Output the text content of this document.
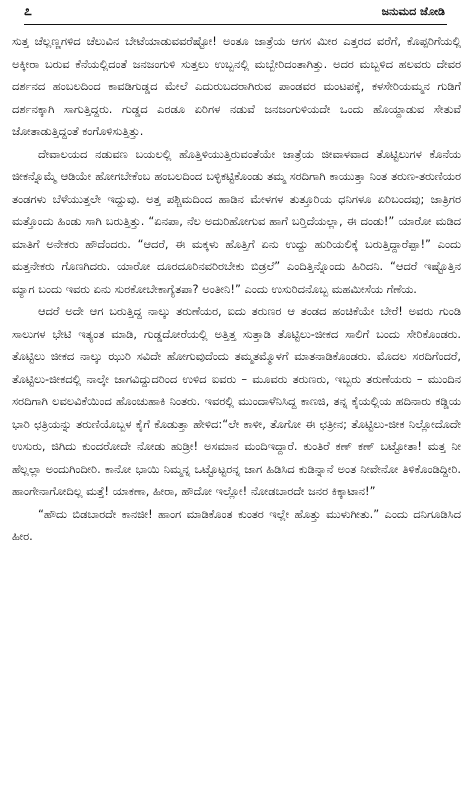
೭	ಜನುಮದ ಜೋಡಿ

ಸುತ್ತ ಚೆಲ್ಲಣ್ಣಗಳಿದ ಚೆಲುವಿನ ಬೇಟೆಯಾಡುವವರೆಷ್ಟೋ! ಅಂತೂ ಜಾತ್ರೆಯ ಆಗಸ ಮೀರ ಎತ್ತರದ ವರೆಗೆ, ಕೊಪ್ಪರಿಗೆಯಲ್ಲಿ ಅಕ್ಕೀರಾ ಬರುವ ಕೆನೆಯಲ್ಲಿದಂತೆ ಜನಜಂಗುಳಿ ಸುತ್ತಲು ಉಬ್ಬನಲ್ಲಿ ಮಬ್ಬೇರಿದಂತಾಗಿತ್ತು. ಅದರ ಮಬ್ಬಳಿದ ಹಲವರು ದೇವರ ದರ್ಶನದ ಹಂಬಲದಿಂದ ಕಾವಡಿಗುಡ್ಡದ ಮೇಲೆ ಎದುರುಬದರಾಗಿರುವ ಪಾಂಡವರ ಮಂಟಪಕ್ಕೆ, ಕಳಸೇರಿಯಮ್ಮನ ಗುಡಿಗೆ ದರ್ಶನಕ್ಕಾಗಿ ಸಾಗುತ್ತಿದ್ದರು. ಗುಡ್ಡದ ಎರಡೂ ಏರಿಗಳ ನಡುವೆ ಜನಜಂಗುಳಿಯದೇ ಒಂದು ಹೊಯ್ದಾಡುವ ಸೇತುವೆ ಜೋತಾಡುತ್ತಿದ್ದಂತೆ ಕಂಗೊಳಿಸುತ್ತಿತ್ತು.

ದೇವಾಲಯದ ನಡುವಣ ಬಯಲಲ್ಲಿ ಹೊತ್ತಿಳಿಯುತ್ತಿರುವಂತೆಯೇ ಜಾತ್ರೆಯ ಜೀವಾಳವಾದ ತೊಟ್ಟಿಲುಗಳ ಕೊನೆಯ ಜೀಕನ್ನೊಮ್ಮೆ ಆಡಿಯೇ ಹೋಗಬೇಕೆಂಬ ಹಂಬಲದಿಂದ ಬಳ್ಳಿಕಟ್ಟಿಕೊಂಡು ತಮ್ಮ ಸರದಿಗಾಗಿ ಕಾಯುತ್ತಾ ನಿಂತ ತರುಣ-ತರುಣಿಯರ ತಂಡಗಳು ಬೆಳೆಯುತ್ತಲೇ ಇದ್ದುವು. ಅತ್ತ ಪಶ್ಚಿಮದಿಂದ ಹಾಡಿನ ಮೇಳಗಳ ತುತ್ತೂರಿಯ ಧನಿಗಳೂ ಏರಿಬಂದವು; ಜಾತ್ರಿಗರ ಮತ್ತೊಂದು ಹಿಂಡು ಸಾಗಿ ಬರುತ್ತಿತ್ತು. “ಏನಪಾ, ನೆಲ ಅದುರಿಹೋಗುವ ಹಾಗೆ ಬರ್‍ತಿದೆಯಲ್ಲಾ, ಈ ದಂಡು!” ಯಾರೋ ಮಡಿದ ಮಾತಿಗೆ ಅನೇಕರು ಹೌದೆಂದರು. “ಆದರೆ, ಈ ಮಕ್ಕಳು ಹೊತ್ತಿಗೆ ಏನು ಉದ್ದು ಹುರಿಯಲಿಕ್ಕೆ ಬರುತ್ತಿದ್ದಾರೆಪ್ಪಾ!” ಎಂದು ಮತ್ತನೇಕರು ಗೊಣಗಿದರು. ಯಾರೋ ದೂರದೂರಿನವರಿರಬೇಕು ಬಿಡ್ರಲೆ” ಎಂದಿತ್ತಿನ್ನೊಂದು ಹಿರಿದನಿ. “ಆದರೆ ಇಷ್ಟೊತ್ತಿನ ಮ್ಯಾಗ ಬಂದು ಇವರು ಏನು ಸುರಕೋಬೇಕಾಗ್ಯೆತಪಾ? ಅಂತೀನಿ!” ಎಂದು ಉಸುರಿದನೊಬ್ಬ ಮಹಮೀಸೆಯ ಗೆಣೆಯ.

ಆದರೆ ಅದೇ ಆಗ ಬರುತ್ತಿದ್ದ ನಾಲ್ಕು ತರುಣೆಯರ, ಐದು ತರುಣರ ಆ ತಂಡದ ಹಂಚಿಕೆಯೇ ಬೇರೆ! ಅವರು ಗುಂಡಿ ಸಾಲುಗಳ ಭೇಟಿ ಇತ್ಯಂತ ಮಾಡಿ, ಗುಡ್ಡದೋರೆಯಲ್ಲಿ ಅತ್ತಿತ್ತ ಸುತ್ತಾಡಿ ತೊಟ್ಟಿಲು-ಜೀಕದ ಸಾಲಿಗೆ ಬಂದು ಸೇರಿಕೊಂಡರು. ತೊಟ್ಟಿಲು ಜೀಕದ ನಾಲ್ಕು ಝುರಿ ಸವಿದೇ ಹೋಗುವುದೆಂದು ತಮ್ಮತಮ್ಮೊಳಗೆ ಮಾತನಾಡಿಕೊಂಡರು. ಮೊದಲ ಸರದಿಗೆಂದರೆ, ತೊಟ್ಟಿಲು-ಜೀಕದಲ್ಲಿ ನಾಲ್ಕೇ ಜಾಗವಿದ್ದುದರಿಂದ ಉಳಿದ ಐವರು – ಮೂವರು ತರುಣರು, ಇಬ್ಬರು ತರುಣೆಯರು – ಮುಂದಿನ ಸರದಿಗಾಗಿ ಲವಲವಿಕೆಯಿಂದ ಹೊಂಚುಹಾಕಿ ನಿಂತರು. ಇವರಲ್ಲಿ ಮುಂದಾಳೆನಿಸಿದ್ದ ಕಾಣಜಿ, ತನ್ನ ಕೈಯಲ್ಲಿಯ ಹದಿನಾರು ಕಡ್ಡಿಯ ಭಾರಿ ಛತ್ರಿಯನ್ನು ತರುಣಿಯೊಬ್ಬಳ ಕೈಗೆ ಕೊಡುತ್ತಾ ಹೇಳಿದ:“ಲೇ ಕಾಳೀ, ತೊಗೋ ಈ ಛತ್ರೀನ; ತೊಟ್ಟಿಲು-ಜೀಕ ನಿಲ್ಲೋದೊದೇ ಉಸುರು, ಜಿಗಿದು ಕುಂದರೋದೇ ನೋಡು ಹುಡ್ರೀ! ಅಸಮಾನ ಮಂದಿಇದ್ದಾರೆ. ಕುಂತಿರೆ ಕಣ್ ಕಣ್ ಬಟ್ಟೋತಾ! ಮತ್ತ ನೀ ಹೆಲ್ಲಲ್ಲಾ ಅಂದುಗಿಂದೀರಿ. ಕಾನೋ ಭಾಯಿ ನಿಮ್ಮನ್ನ ಒಟ್ಟೊಟ್ಟರನ್ನ ಜಾಗ ಹಿಡಿಸಿದ ಕುಡಿನ್ನಾನೆ ಅಂತ ನೀವೇನೋ ತಿಳಿಕೊಂಡಿದ್ದೀರಿ. ಹಾಂಗೇನಾಗೋದಿಲ್ಲ ಮತ್ತೆ! ಯಾಕಣಾ, ಹೀರಾ, ಹೌದೋ ಇಲ್ಲೋ! ನೋಡಬಾರದೇ ಜನರ ಕಿಕ್ಕಾಟಾನ!”

“ಹೌದು ಬಿಡಬಾರದೇ ಕಾನಜೀ! ಹಾಂಗ ಮಾಡಿಕೊಂತ ಕುಂತರ ಇಲ್ಲೇ ಹೊತ್ತು ಮುಳುಗೀತು.” ಎಂದು ದನಿಗೂಡಿಸಿದ ಹೀರ.
